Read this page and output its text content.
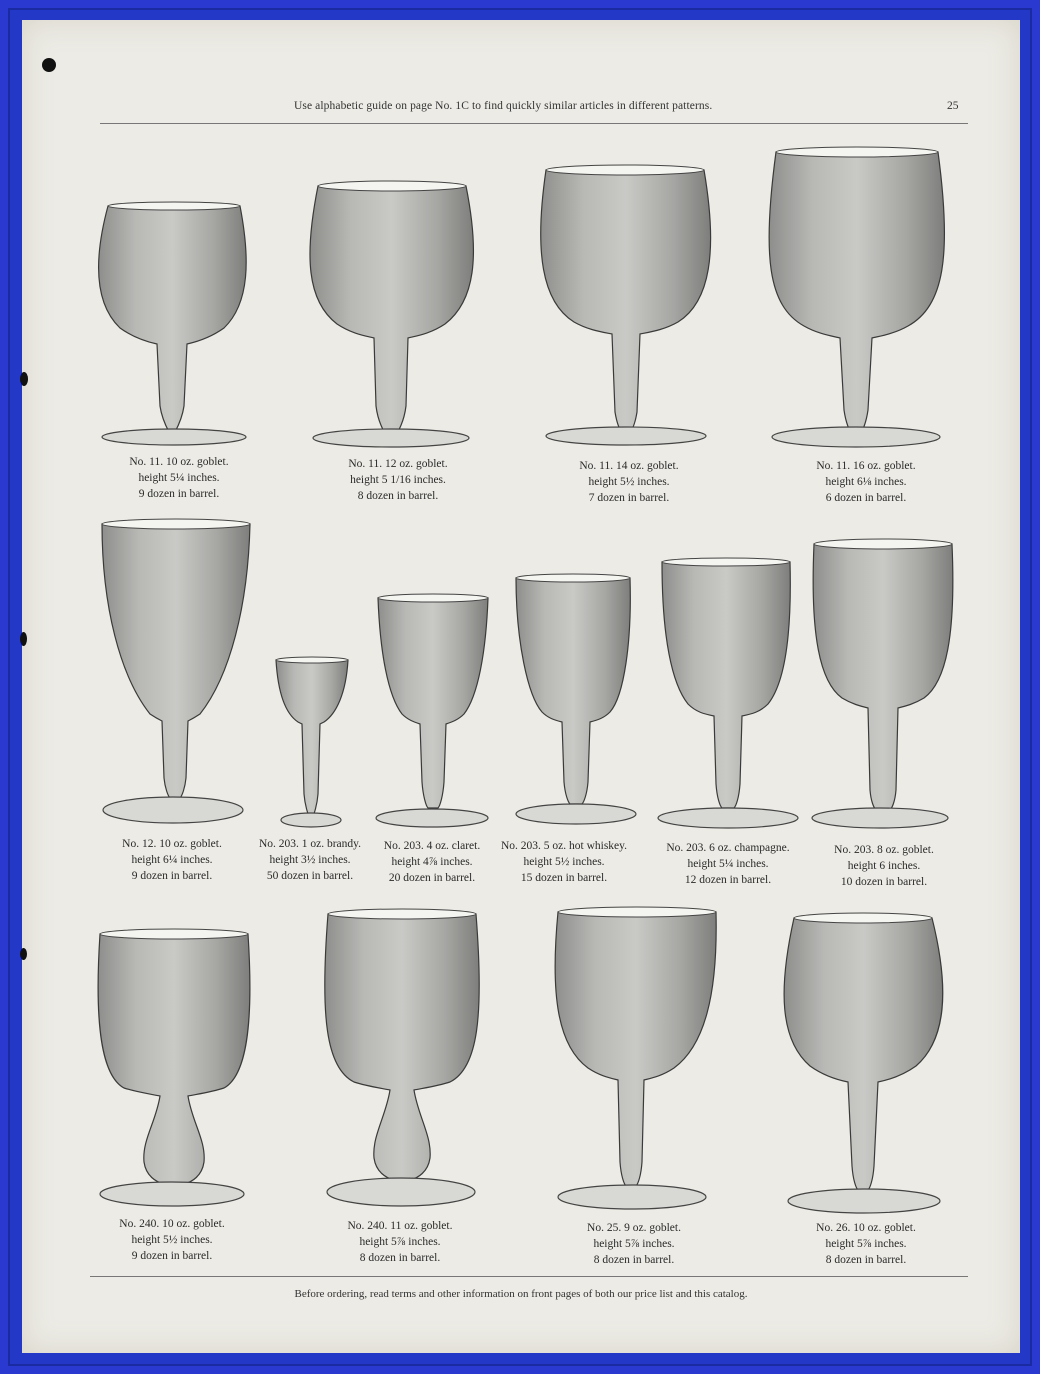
Use alphabetic guide on page No. 1C to find quickly similar articles in different patterns.	25
No. 11. 10 oz. goblet.
height 5¼ inches.
9 dozen in barrel.
No. 11. 12 oz. goblet.
height 5 1/16 inches.
8 dozen in barrel.
No. 11. 14 oz. goblet.
height 5½ inches.
7 dozen in barrel.
No. 11. 16 oz. goblet.
height 6⅛ inches.
6 dozen in barrel.
No. 12. 10 oz. goblet.
height 6¼ inches.
9 dozen in barrel.
No. 203. 1 oz. brandy.
height 3½ inches.
50 dozen in barrel.
No. 203. 4 oz. claret.
height 4⅞ inches.
20 dozen in barrel.
No. 203. 5 oz. hot whiskey.
height 5½ inches.
15 dozen in barrel.
No. 203. 6 oz. champagne.
height 5¼ inches.
12 dozen in barrel.
No. 203. 8 oz. goblet.
height 6 inches.
10 dozen in barrel.
No. 240. 10 oz. goblet.
height 5½ inches.
9 dozen in barrel.
No. 240. 11 oz. goblet.
height 5⅞ inches.
8 dozen in barrel.
No. 25. 9 oz. goblet.
height 5⅞ inches.
8 dozen in barrel.
No. 26. 10 oz. goblet.
height 5⅞ inches.
8 dozen in barrel.
Before ordering, read terms and other information on front pages of both our price list and this catalog.
